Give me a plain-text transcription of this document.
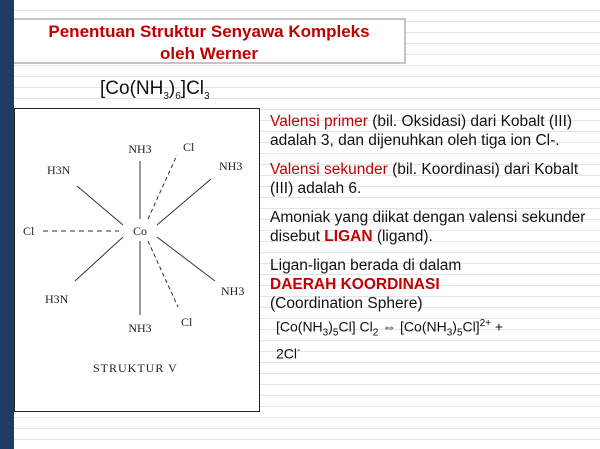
Penentuan Struktur Senyawa Kompleks
oleh Werner
$[Co(NH_3)_6]Cl_3$
Co
NH3	Cl
NH3
H3N
Cl
H3N
NH3
NH3 Cl
STRUKTUR V
Valensi primer (bil. Oksidasi) dari Kobalt (III) adalah 3, dan dijenuhkan oleh tiga ion Cl-.
Valensi sekunder (bil. Koordinasi) dari Kobalt (III) adalah 6.
Amoniak yang diikat dengan valensi sekunder disebut LIGAN (ligand).
Ligan-ligan berada di dalam
DAERAH KOORDINASI
(Coordination Sphere)
$[Co(NH_3)_5Cl]$ $Cl_2$ ⇔ $[Co(NH_3)_5Cl]^{2+}$ +
2Cl-
